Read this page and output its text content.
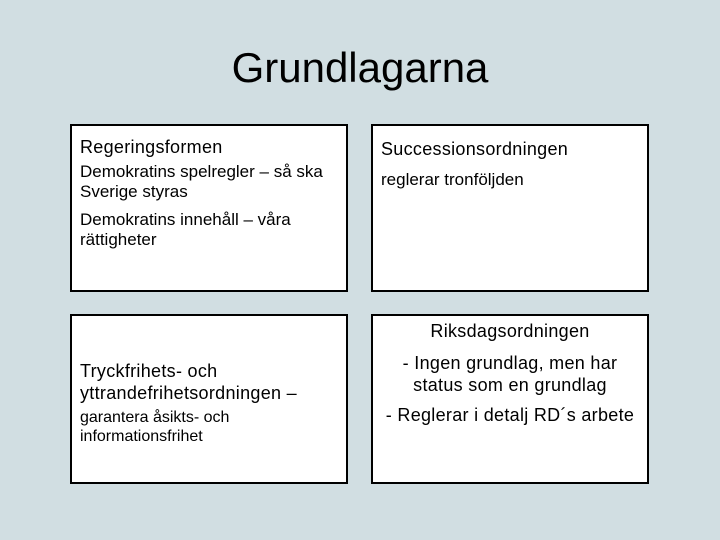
Grundlagarna
Regeringsformen
Demokratins spelregler – så ska Sverige styras
Demokratins innehåll – våra rättigheter
Successionsordningen
reglerar tronföljden
Tryckfrihets- och yttrandefrihetsordningen –
garantera åsikts- och informationsfrihet
Riksdagsordningen
- Ingen grundlag, men har status som en grundlag
- Reglerar i detalj RD´s arbete
